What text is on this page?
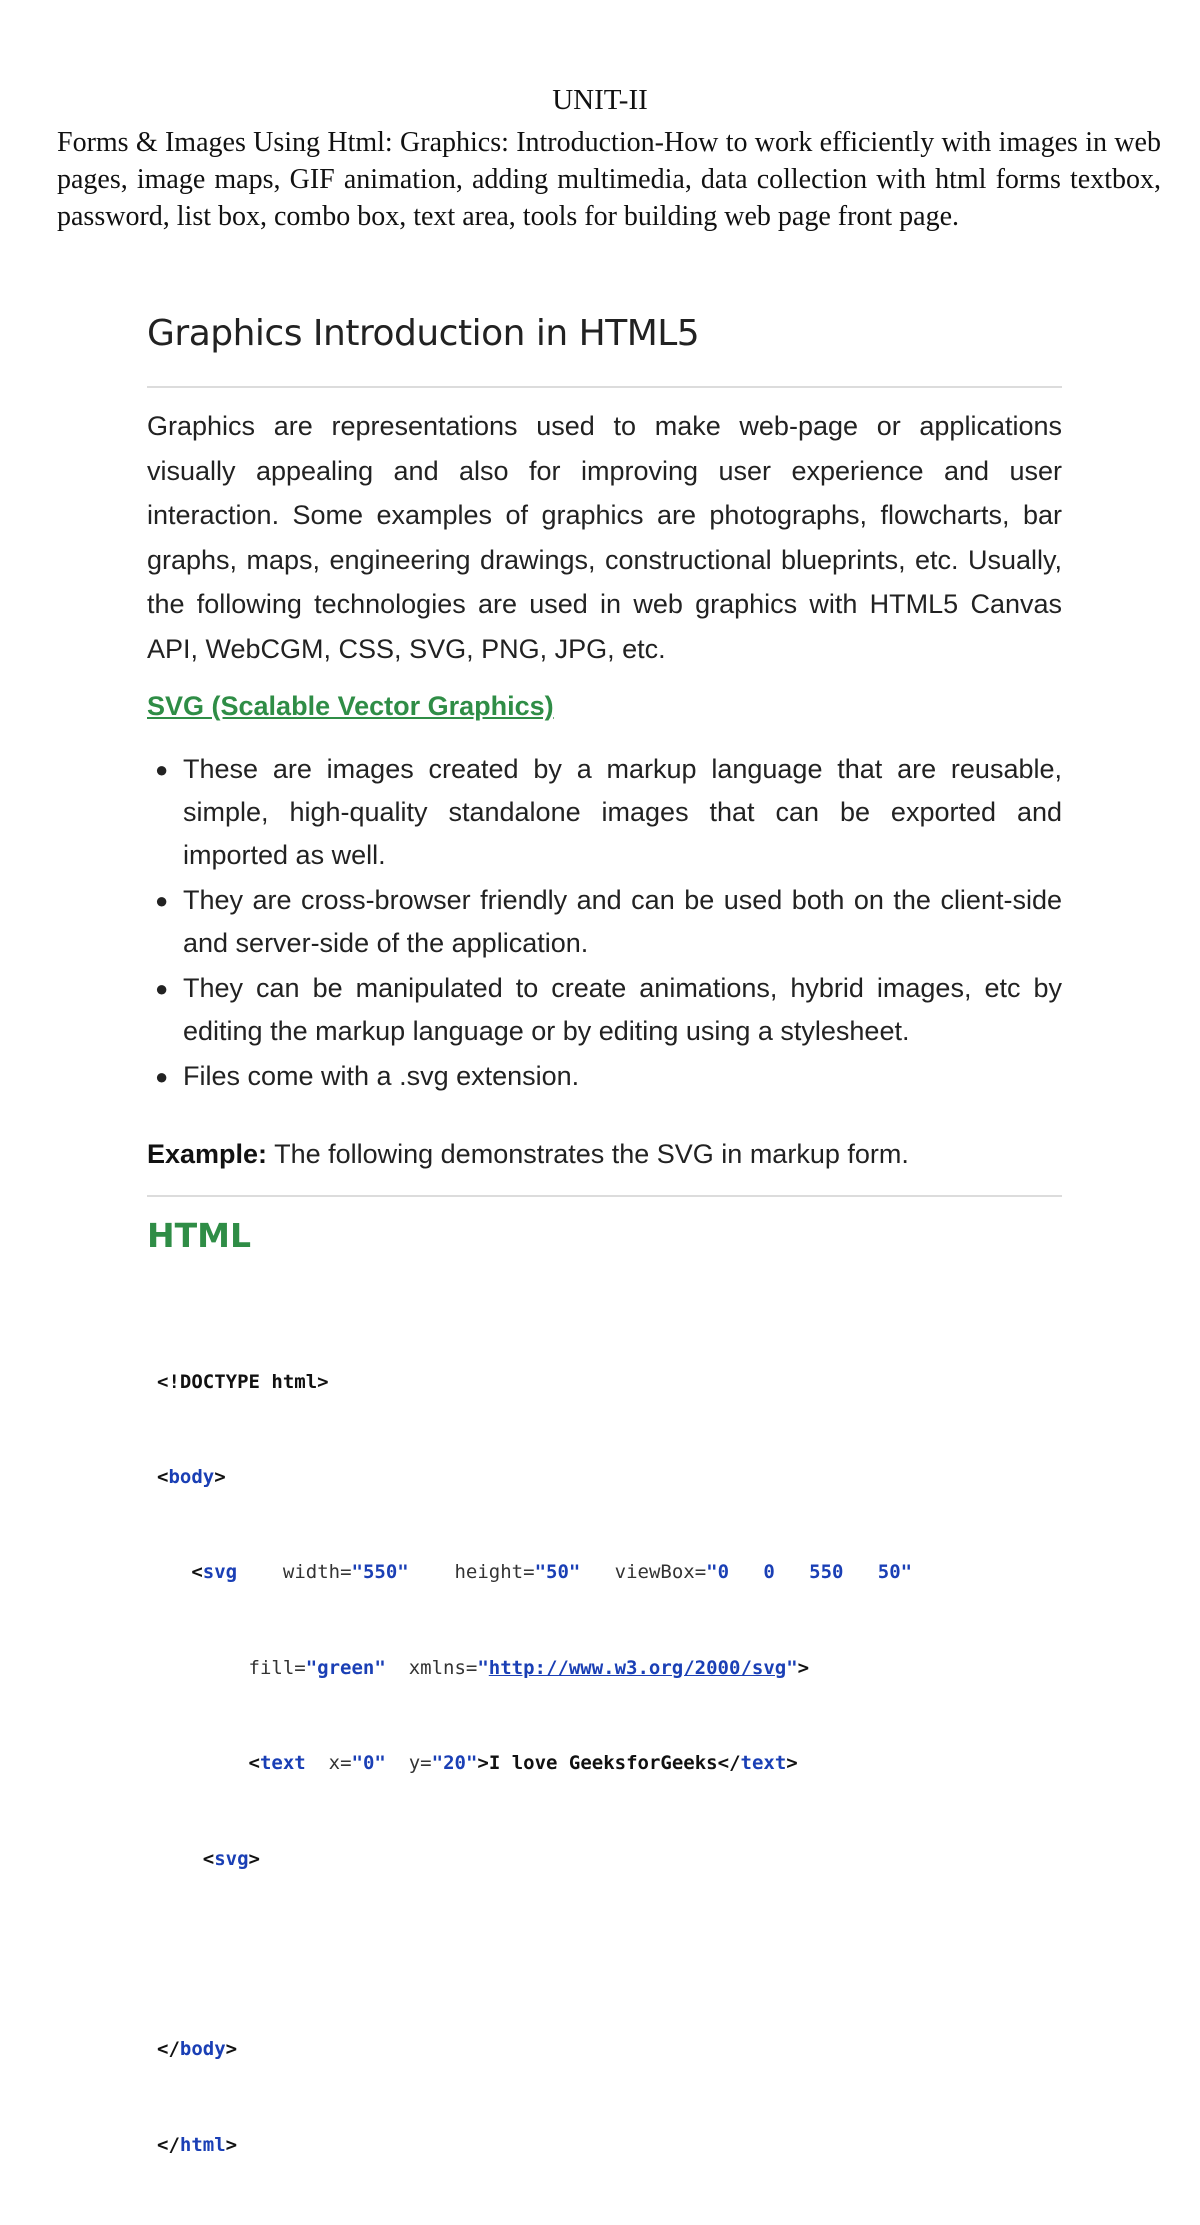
UNIT-II

Forms & Images Using Html: Graphics: Introduction-How to work efficiently with images in web pages, image maps, GIF animation, adding multimedia, data collection with html forms textbox, password, list box, combo box, text area, tools for building web page front page.

Graphics Introduction in HTML5

Graphics are representations used to make web-page or applications visually appealing and also for improving user experience and user interaction. Some examples of graphics are photographs, flowcharts, bar graphs, maps, engineering drawings, constructional blueprints, etc. Usually, the following technologies are used in web graphics with HTML5 Canvas API, WebCGM, CSS, SVG, PNG, JPG, etc.

SVG (Scalable Vector Graphics)

● These are images created by a markup language that are reusable, simple, high-quality standalone images that can be exported and imported as well.
● They are cross-browser friendly and can be used both on the client-side and server-side of the application.
● They can be manipulated to create animations, hybrid images, etc by editing the markup language or by editing using a stylesheet.
● Files come with a .svg extension.

Example: The following demonstrates the SVG in markup form.

HTML

<!DOCTYPE html>

<body>

<svg width="550" height="50" viewBox="0   0   550   50"

fill="green" xmlns="http://www.w3.org/2000/svg">

<text x="0" y="20">I love GeeksforGeeks</text>

<svg>

</body>

</html>
